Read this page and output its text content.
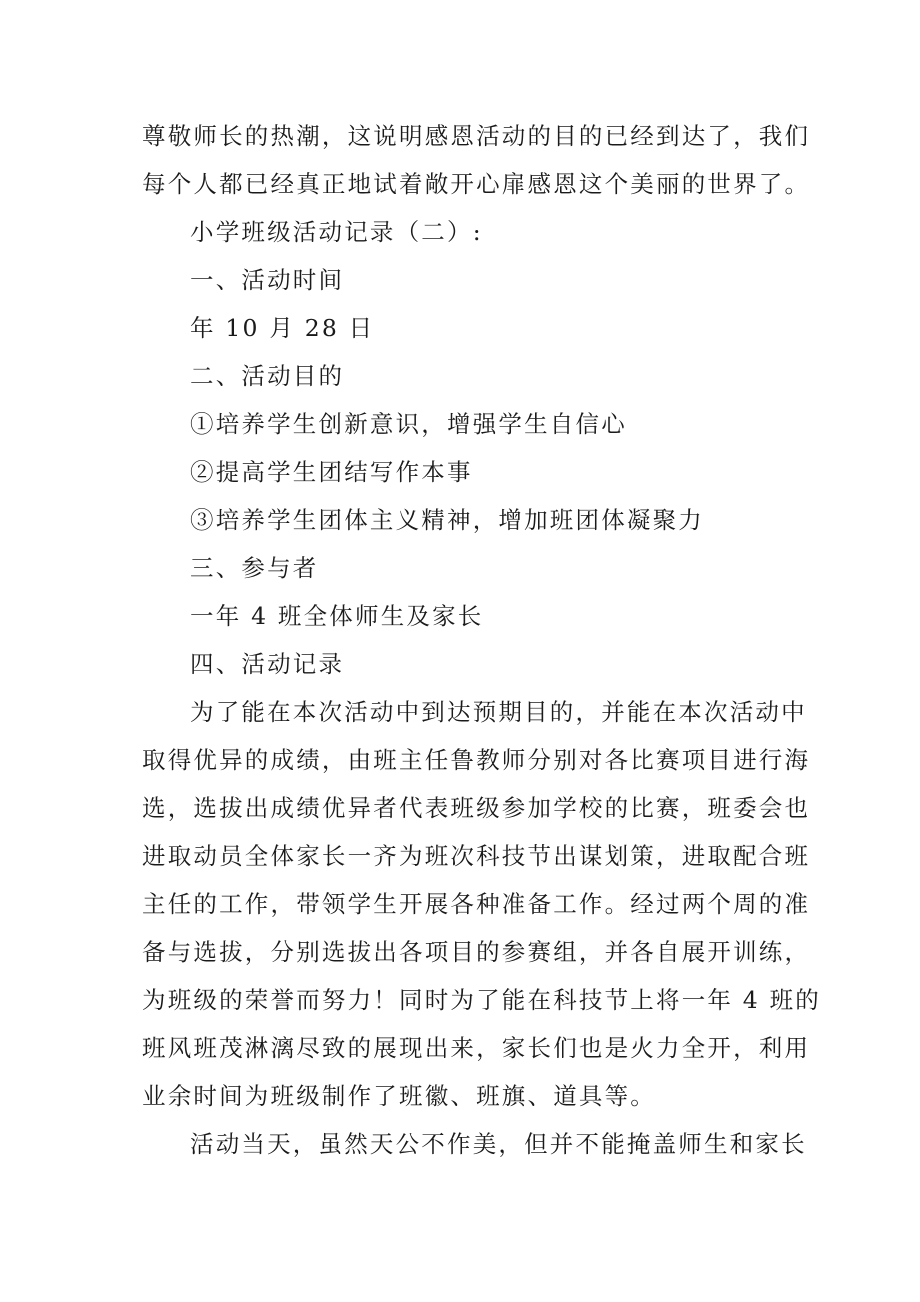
尊敬师长的热潮，这说明感恩活动的目的已经到达了，我们
每个人都已经真正地试着敞开心扉感恩这个美丽的世界了。
小学班级活动记录（二）:
一、活动时间
年 10 月 28 日
二、活动目的
①培养学生创新意识，增强学生自信心
②提高学生团结写作本事
③培养学生团体主义精神，增加班团体凝聚力
三、参与者
一年 4 班全体师生及家长
四、活动记录
为了能在本次活动中到达预期目的，并能在本次活动中
取得优异的成绩，由班主任鲁教师分别对各比赛项目进行海
选，选拔出成绩优异者代表班级参加学校的比赛，班委会也
进取动员全体家长一齐为班次科技节出谋划策，进取配合班
主任的工作，带领学生开展各种准备工作。经过两个周的准
备与选拔，分别选拔出各项目的参赛组，并各自展开训练，
为班级的荣誉而努力！同时为了能在科技节上将一年 4 班的
班风班茂淋漓尽致的展现出来，家长们也是火力全开，利用
业余时间为班级制作了班徽、班旗、道具等。
活动当天，虽然天公不作美，但并不能掩盖师生和家长
